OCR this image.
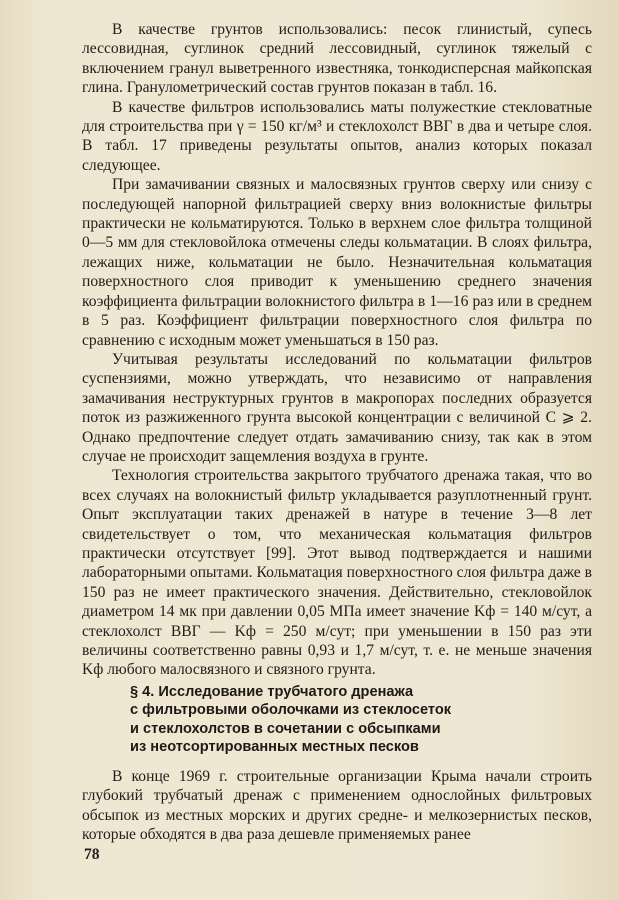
В качестве грунтов использовались: песок глинистый, супесь лессовидная, суглинок средний лессовидный, суглинок тяжелый с включением гранул выветренного известняка, тонкодисперсная майкопская глина. Гранулометрический состав грунтов показан в табл. 16.

В качестве фильтров использовались маты полужесткие стекловатные для строительства при γ = 150 кг/м³ и стеклохолст ВВГ в два и четыре слоя. В табл. 17 приведены результаты опытов, анализ которых показал следующее.

При замачивании связных и малосвязных грунтов сверху или снизу с последующей напорной фильтрацией сверху вниз волокнистые фильтры практически не кольматируются. Только в верхнем слое фильтра толщиной 0—5 мм для стекловойлока отмечены следы кольматации. В слоях фильтра, лежащих ниже, кольматации не было. Незначительная кольматация поверхностного слоя приводит к уменьшению среднего значения коэффициента фильтрации волокнистого фильтра в 1—16 раз или в среднем в 5 раз. Коэффициент фильтрации поверхностного слоя фильтра по сравнению с исходным может уменьшаться в 150 раз.

Учитывая результаты исследований по кольматации фильтров суспензиями, можно утверждать, что независимо от направления замачивания неструктурных грунтов в макропорах последних образуется поток из разжиженного грунта высокой концентрации с величиной C ⩾ 2. Однако предпочтение следует отдать замачиванию снизу, так как в этом случае не происходит защемления воздуха в грунте.

Технология строительства закрытого трубчатого дренажа такая, что во всех случаях на волокнистый фильтр укладывается разуплотненный грунт. Опыт эксплуатации таких дренажей в натуре в течение 3—8 лет свидетельствует о том, что механическая кольматация фильтров практически отсутствует [99]. Этот вывод подтверждается и нашими лабораторными опытами. Кольматация поверхностного слоя фильтра даже в 150 раз не имеет практического значения. Действительно, стекловойлок диаметром 14 мк при давлении 0,05 МПа имеет значение Kф = 140 м/сут, а стеклохолст ВВГ — Kф = 250 м/сут; при уменьшении в 150 раз эти величины соответственно равны 0,93 и 1,7 м/сут, т. е. не меньше значения Kф любого малосвязного и связного грунта.

§ 4. Исследование трубчатого дренажа
с фильтровыми оболочками из стеклосеток
и стеклохолстов в сочетании с обсыпками
из неотсортированных местных песков

В конце 1969 г. строительные организации Крыма начали строить глубокий трубчатый дренаж с применением однослойных фильтровых обсыпок из местных морских и других средне- и мелкозернистых песков, которые обходятся в два раза дешевле применяемых ранее

78
